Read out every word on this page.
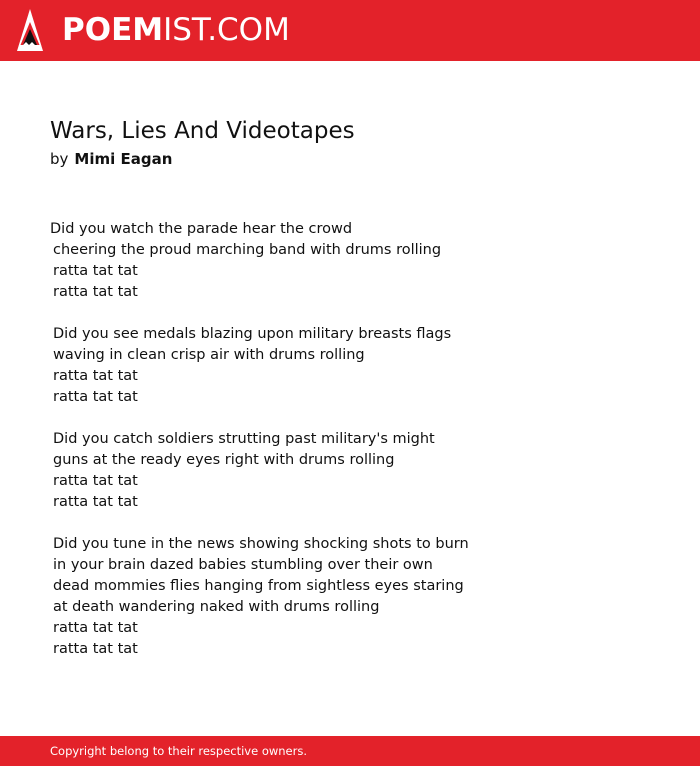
POEMIST.COM
Wars, Lies And Videotapes
by Mimi Eagan
Did you watch the parade hear the crowd
cheering the proud marching band with drums rolling
ratta tat tat
ratta tat tat
Did you see medals blazing upon military breasts flags
waving in clean crisp air with drums rolling
ratta tat tat
ratta tat tat
Did you catch soldiers strutting past military's might
guns at the ready eyes right with drums rolling
ratta tat tat
ratta tat tat
Did you tune in the news showing shocking shots to burn
in your brain dazed babies stumbling over their own
dead mommies flies hanging from sightless eyes staring
at death wandering naked with drums rolling
ratta tat tat
ratta tat tat
Copyright belong to their respective owners.
